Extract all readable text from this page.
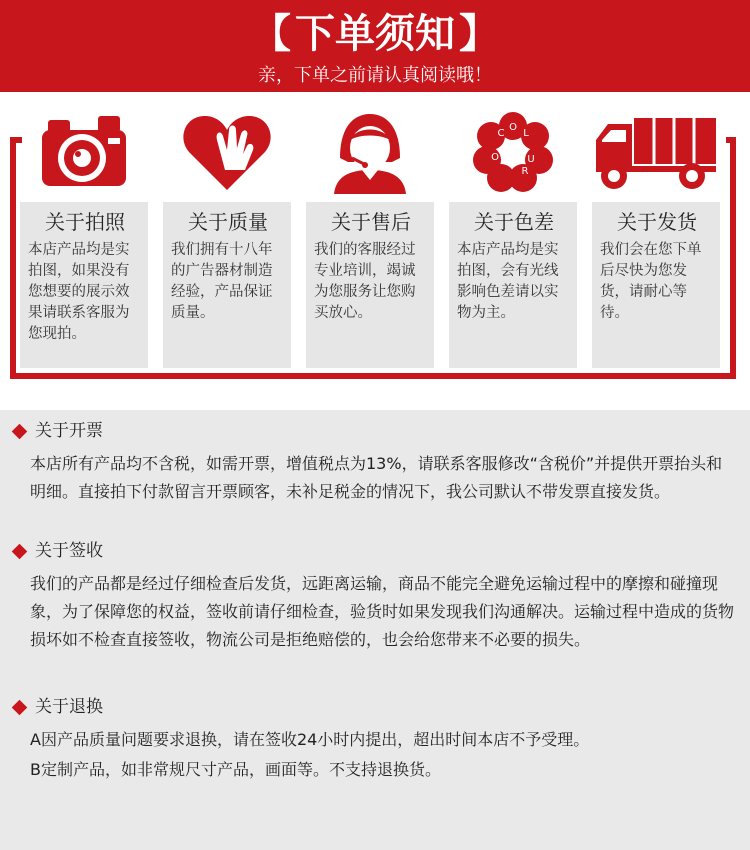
【 下单须知 】
亲，下单之前请认真阅读哦！
关于拍照
本店产品均是实拍图，如果没有您想要的展示效果请联系客服为您现拍。
关于质量
我们拥有十八年的广告器材制造经验，产品保证质量。
关于售后
我们的客服经过专业培训，竭诚为您服务让您购买放心。
C
O
L
O	U
R
关于色差
本店产品均是实拍图，会有光线影响色差请以实物为主。
关于发货
我们会在您下单后尽快为您发货，请耐心等待。
关于开票
本店所有产品均不含税，如需开票，增值税点为13%，请联系客服修改“含税价”并提供开票抬头和明细。直接拍下付款留言开票顾客，未补足税金的情况下，我公司默认不带发票直接发货。
关于签收
我们的产品都是经过仔细检查后发货，远距离运输，商品不能完全避免运输过程中的摩擦和碰撞现象，为了保障您的权益，签收前请仔细检查，验货时如果发现我们沟通解决。运输过程中造成的货物损坏如不检查直接签收，物流公司是拒绝赔偿的，也会给您带来不必要的损失。
关于退换
A因产品质量问题要求退换，请在签收24小时内提出，超出时间本店不予受理。
B定制产品，如非常规尺寸产品，画面等。不支持退换货。
